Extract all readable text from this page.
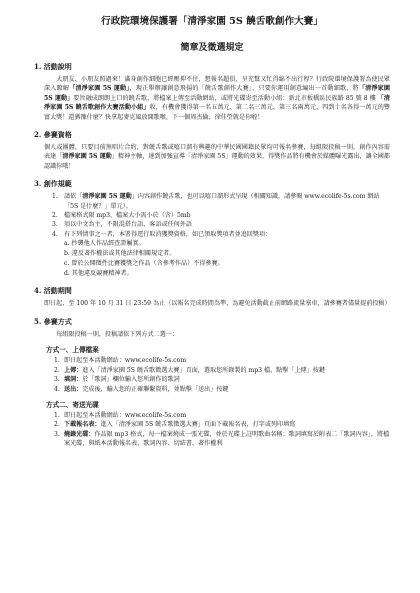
行政院環境保護署「清淨家園 5S 饒舌歌創作大賽」
簡章及徵選規定
1. 活動說明

大朋友、小朋友照過來！滿身創作細胞已經壓抑不住，想報名超俱，呈充幫又忙得綿不出行程？行政院環境保護署為使民眾深入瞭解「清淨家園 5S 運動」，現正舉辦讓創意飛揚的「饒舌歌創作大賽」，只要你運用創意編出一首動細歌，將「清淨家園 5S 運動」要旨融成朗朗上口的饒舌歌，將檔案上傳至活動網站，或將光碟寄至活動小組：新北市板橋區民族路 85 號 8 樓 「清淨家園 5S 饒舌歌創作大賽活動小組」收，有機會獲得第一名五萬元、第二名三萬元、第三名兩萬元，四到十名各得一萬元的豐富大獎！還猶豫什麼？快拿起麥克風放開歌喉，下一個周杰倫、徐佳瑩就是你啦！

2. 參賽資格

個人或團體，只要目前無唱片合約，對饒舌歌或嘻口溜有興趣的中華民國國籍民眾均可報名參賽，每組限投稿一則。創作內容需表達「清淨家園 5S 運動」精神主軸，達到加強宣導「清淨家園 5S」運動的效果，得獎作品將有機會於媒體曝光露出，讓全國都認識你哦！

3. 創作規範
1.	請依「清淨家園 5S 運動」內容創作饒舌歌，也可以嘻口溜形式呈現（相關知識，請參閱 www.ecolife-5s.com 網站「5S 是什麼？」單元）。
2.	檔案格式限 mp3，檔案大小需小於（含）5mb
3.	須以中文為主，不限混搭台語、客語或任何外語
4.	有下列情事之一者，本署得逕行取消獲獎資格，如已領取獎項者並追回獎項：
a. 抄襲他人作品經查證屬實。
b. 違反著作權法或其他法律相關規定者。
c. 曾於公開徵件比賽獲獎之作品（含參考作品）不得參賽。
d. 其他違反競賽精神者。
4. 活動期間

即日起，至 100 年 10 月 31 日 23:59 為止（以報名完成時間為準，為避免活動截止前網路流量塞車，請參賽者儘量提前投稿）

5. 參賽方式

每組限投稿一則，投稿請依下列方式二選一：

方式一、上傳檔案
1. 即日起至本活動網站：www.ecolife-5s.com
2. 上傳：進入「清淨家園 5S 饒舌歌徵選大賽」頁面，選取您所錄製的 mp3 檔，點擊「上傳」按鍵
3. 填詞：於「歌詞」欄位輸入您所創作的歌詞
4. 送出：完成後，輸入您的正確聯繫資料，並點擊「送出」按鍵
方式二、寄送光碟
1. 即日起至本活動網站：www.ecolife-5s.com
2. 下載報名表：進入「清淨家園 5S 饒舌歌徵選大賽」頁面下載報名表，打字或列印填寫
3. 燒錄光碟：作品限 mp3 格式，每一檔案燒成一張光碟，並於光碟上註明歌曲名稱；歌詞填寫於附表二「歌詞內容」，將檔案光碟，與紙本活動報名表、歌詞內容、切結書、著作權利
